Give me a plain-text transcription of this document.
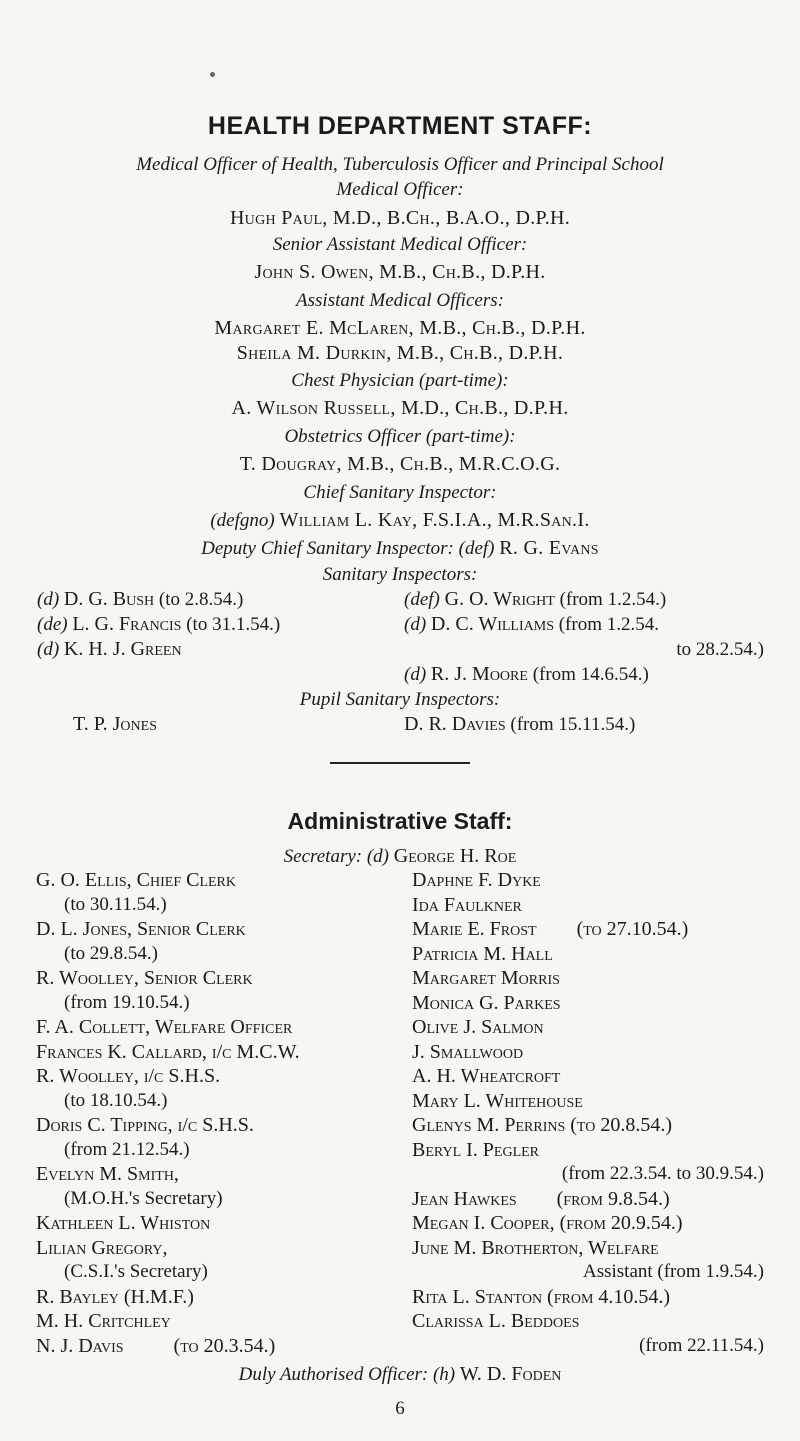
HEALTH DEPARTMENT STAFF:
Medical Officer of Health, Tuberculosis Officer and Principal School
Medical Officer:
Hugh Paul, M.D., B.Ch., B.A.O., D.P.H.
Senior Assistant Medical Officer:
John S. Owen, M.B., Ch.B., D.P.H.
Assistant Medical Officers:
Margaret E. McLaren, M.B., Ch.B., D.P.H.
Sheila M. Durkin, M.B., Ch.B., D.P.H.
Chest Physician (part-time):
A. Wilson Russell, M.D., Ch.B., D.P.H.
Obstetrics Officer (part-time):
T. Dougray, M.B., Ch.B., M.R.C.O.G.
Chief Sanitary Inspector:
(defgno) William L. Kay, F.S.I.A., M.R.San.I.
Deputy Chief Sanitary Inspector: (def) R. G. Evans
Sanitary Inspectors:
(d) D. G. Bush (to 2.8.54.)
(de) L. G. Francis (to 31.1.54.)
(d) K. H. J. Green
(def) G. O. Wright (from 1.2.54.)
(d) D. C. Williams (from 1.2.54.
to 28.2.54.)
(d) R. J. Moore (from 14.6.54.)
Pupil Sanitary Inspectors:
T. P. Jones	D. R. Davies (from 15.11.54.)
Administrative Staff:
Secretary: (d) George H. Roe
G. O. Ellis, Chief Clerk
(to 30.11.54.)
D. L. Jones, Senior Clerk
(to 29.8.54.)
R. Woolley, Senior Clerk
(from 19.10.54.)
F. A. Collett, Welfare Officer
Frances K. Callard, i/c M.C.W.
R. Woolley, i/c S.H.S.
(to 18.10.54.)
Doris C. Tipping, i/c S.H.S.
(from 21.12.54.)
Evelyn M. Smith,
(M.O.H.'s Secretary)
Kathleen L. Whiston
Lilian Gregory,
(C.S.I.'s Secretary)
R. Bayley (H.M.F.)
M. H. Critchley
N. J. Davis          (to 20.3.54.)
Daphne F. Dyke
Ida Faulkner
Marie E. Frost        (to 27.10.54.)
Patricia M. Hall
Margaret Morris
Monica G. Parkes
Olive J. Salmon
J. Smallwood
A. H. Wheatcroft
Mary L. Whitehouse
Glenys M. Perrins (to 20.8.54.)
Beryl I. Pegler
(from 22.3.54. to 30.9.54.)
Jean Hawkes        (from 9.8.54.)
Megan I. Cooper, (from 20.9.54.)
June M. Brotherton, Welfare
Assistant (from 1.9.54.)
Rita L. Stanton (from 4.10.54.)
Clarissa L. Beddoes
(from 22.11.54.)
Duly Authorised Officer: (h) W. D. Foden
6
